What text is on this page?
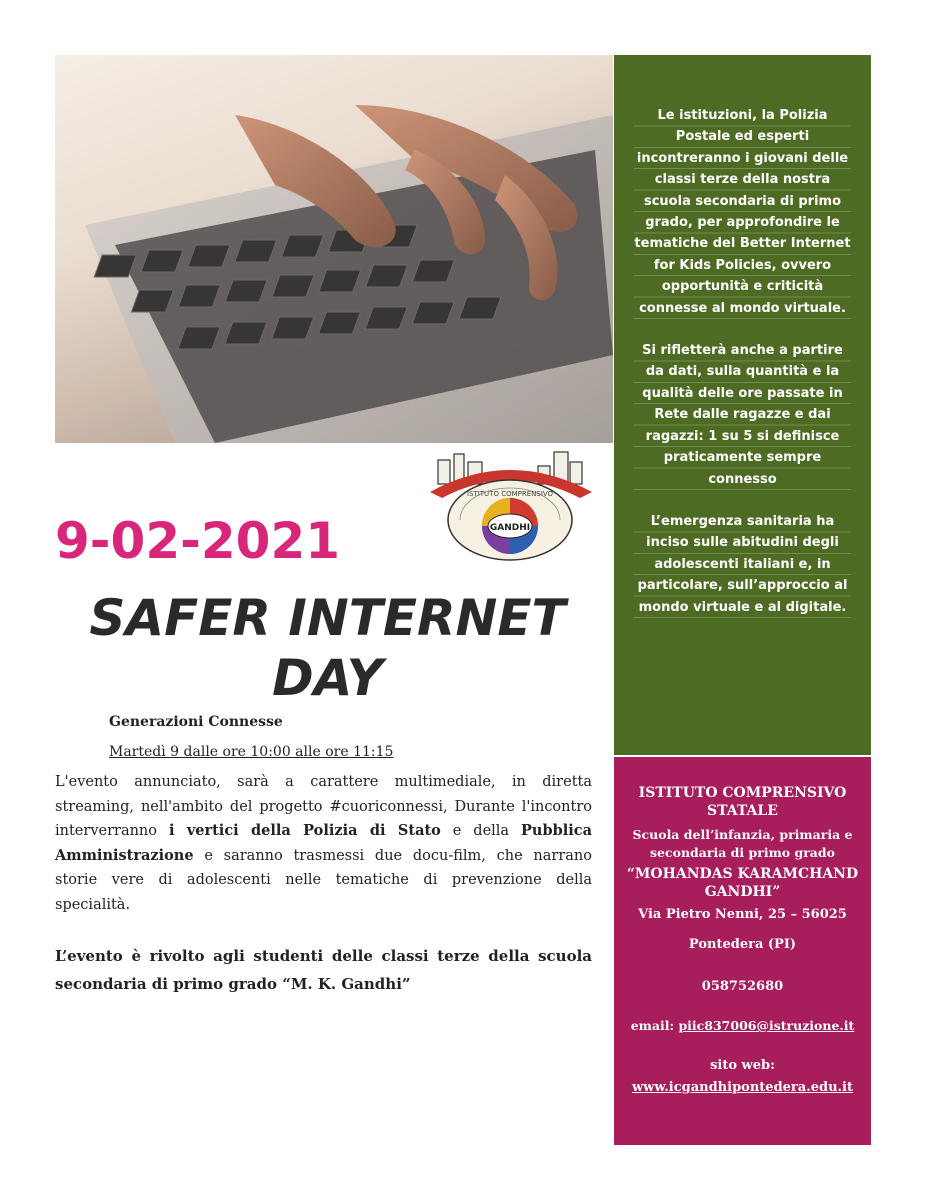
ISTITUTO COMPRENSIVO
GANDHI
9-02-2021
SAFER INTERNET
DAY
Generazioni Connesse
Martedì 9 dalle ore 10:00 alle ore 11:15
L'evento annunciato, sarà a carattere multimediale, in diretta streaming, nell'ambito del progetto #cuoriconnessi, Durante l'incontro interverranno i vertici della Polizia di Stato e della Pubblica Amministrazione e saranno trasmessi due docu-film, che narrano storie vere di adolescenti nelle tematiche di prevenzione della specialità.
L’evento è rivolto agli studenti delle classi terze della scuola secondaria di primo grado “M. K. Gandhi”

Le istituzioni, la Polizia Postale ed esperti incontreranno i giovani delle classi terze della nostra scuola secondaria di primo grado, per approfondire le tematiche del Better Internet for Kids Policies, ovvero opportunità e criticità connesse al mondo virtuale.

Si rifletterà anche a partire da dati, sulla quantità e la qualità delle ore passate in Rete dalle ragazze e dai ragazzi: 1 su 5 si definisce praticamente sempre connesso

L’emergenza sanitaria ha inciso sulle abitudini degli adolescenti italiani e, in particolare, sull’approccio al mondo virtuale e al digitale.

ISTITUTO COMPRENSIVO STATALE
Scuola dell’infanzia, primaria e secondaria di primo grado
“MOHANDAS KARAMCHAND GANDHI”
Via Pietro Nenni, 25 – 56025
Pontedera (PI)
058752680
email: piic837006@istruzione.it
sito web:
www.icgandhipontedera.edu.it
